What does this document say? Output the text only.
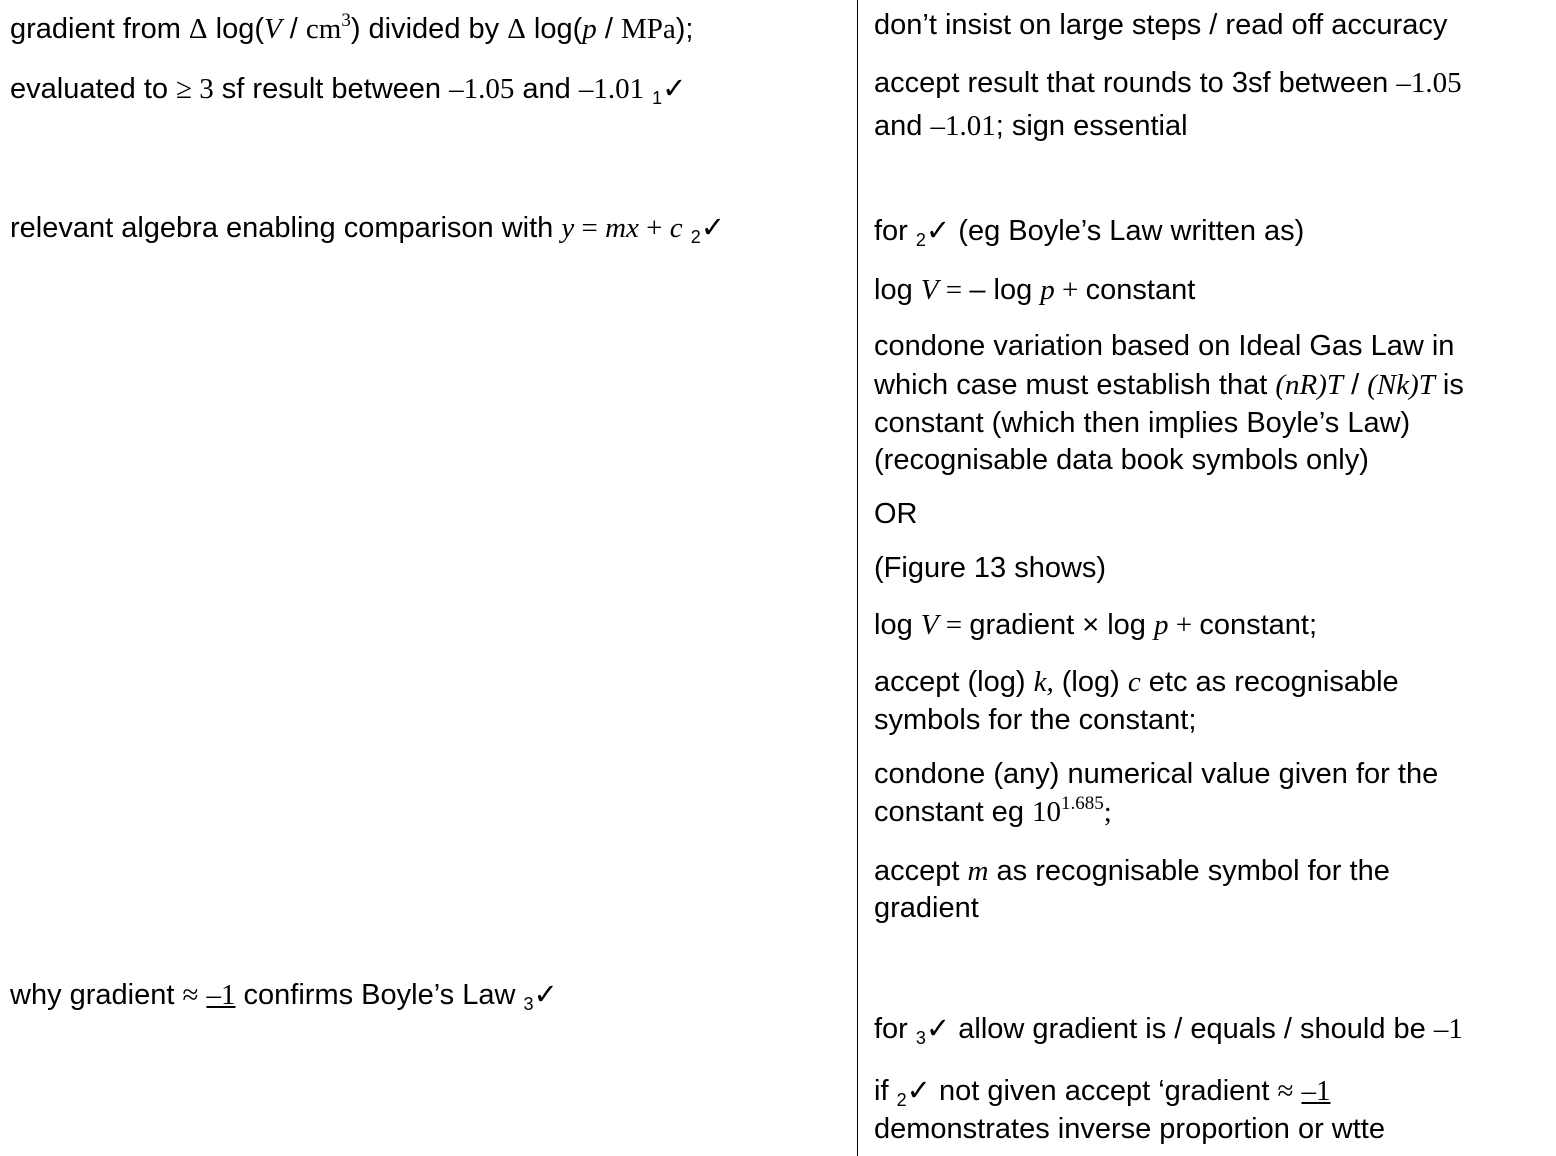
gradient from Δ $\log(V / cm^3)$ divided by Δ log(p / MPa);
evaluated to ≥ 3 sf result between –1.05 and –1.01 $_1$✓
relevant algebra enabling comparison with y = mx + c $_2$✓
why gradient ≈ –1 confirms Boyle’s Law $_3$✓
don’t insist on large steps / read off accuracy
accept result that rounds to 3sf between –1.05
and –1.01; sign essential
for $_2$✓ (eg Boyle’s Law written as)
log V = – log p + constant
condone variation based on Ideal Gas Law in
which case must establish that (nR)T / (Nk)T is
constant (which then implies Boyle’s Law)
(recognisable data book symbols only)
OR
(Figure 13 shows)
log V = gradient × log p + constant;
accept (log) k, (log) c etc as recognisable
symbols for the constant;
condone (any) numerical value given for the
constant eg $10^{1.685}$;
accept m as recognisable symbol for the
gradient
for $_3$✓ allow gradient is / equals / should be –1
if $_2$✓ not given accept ‘gradient ≈ –1
demonstrates inverse proportion or wtte
